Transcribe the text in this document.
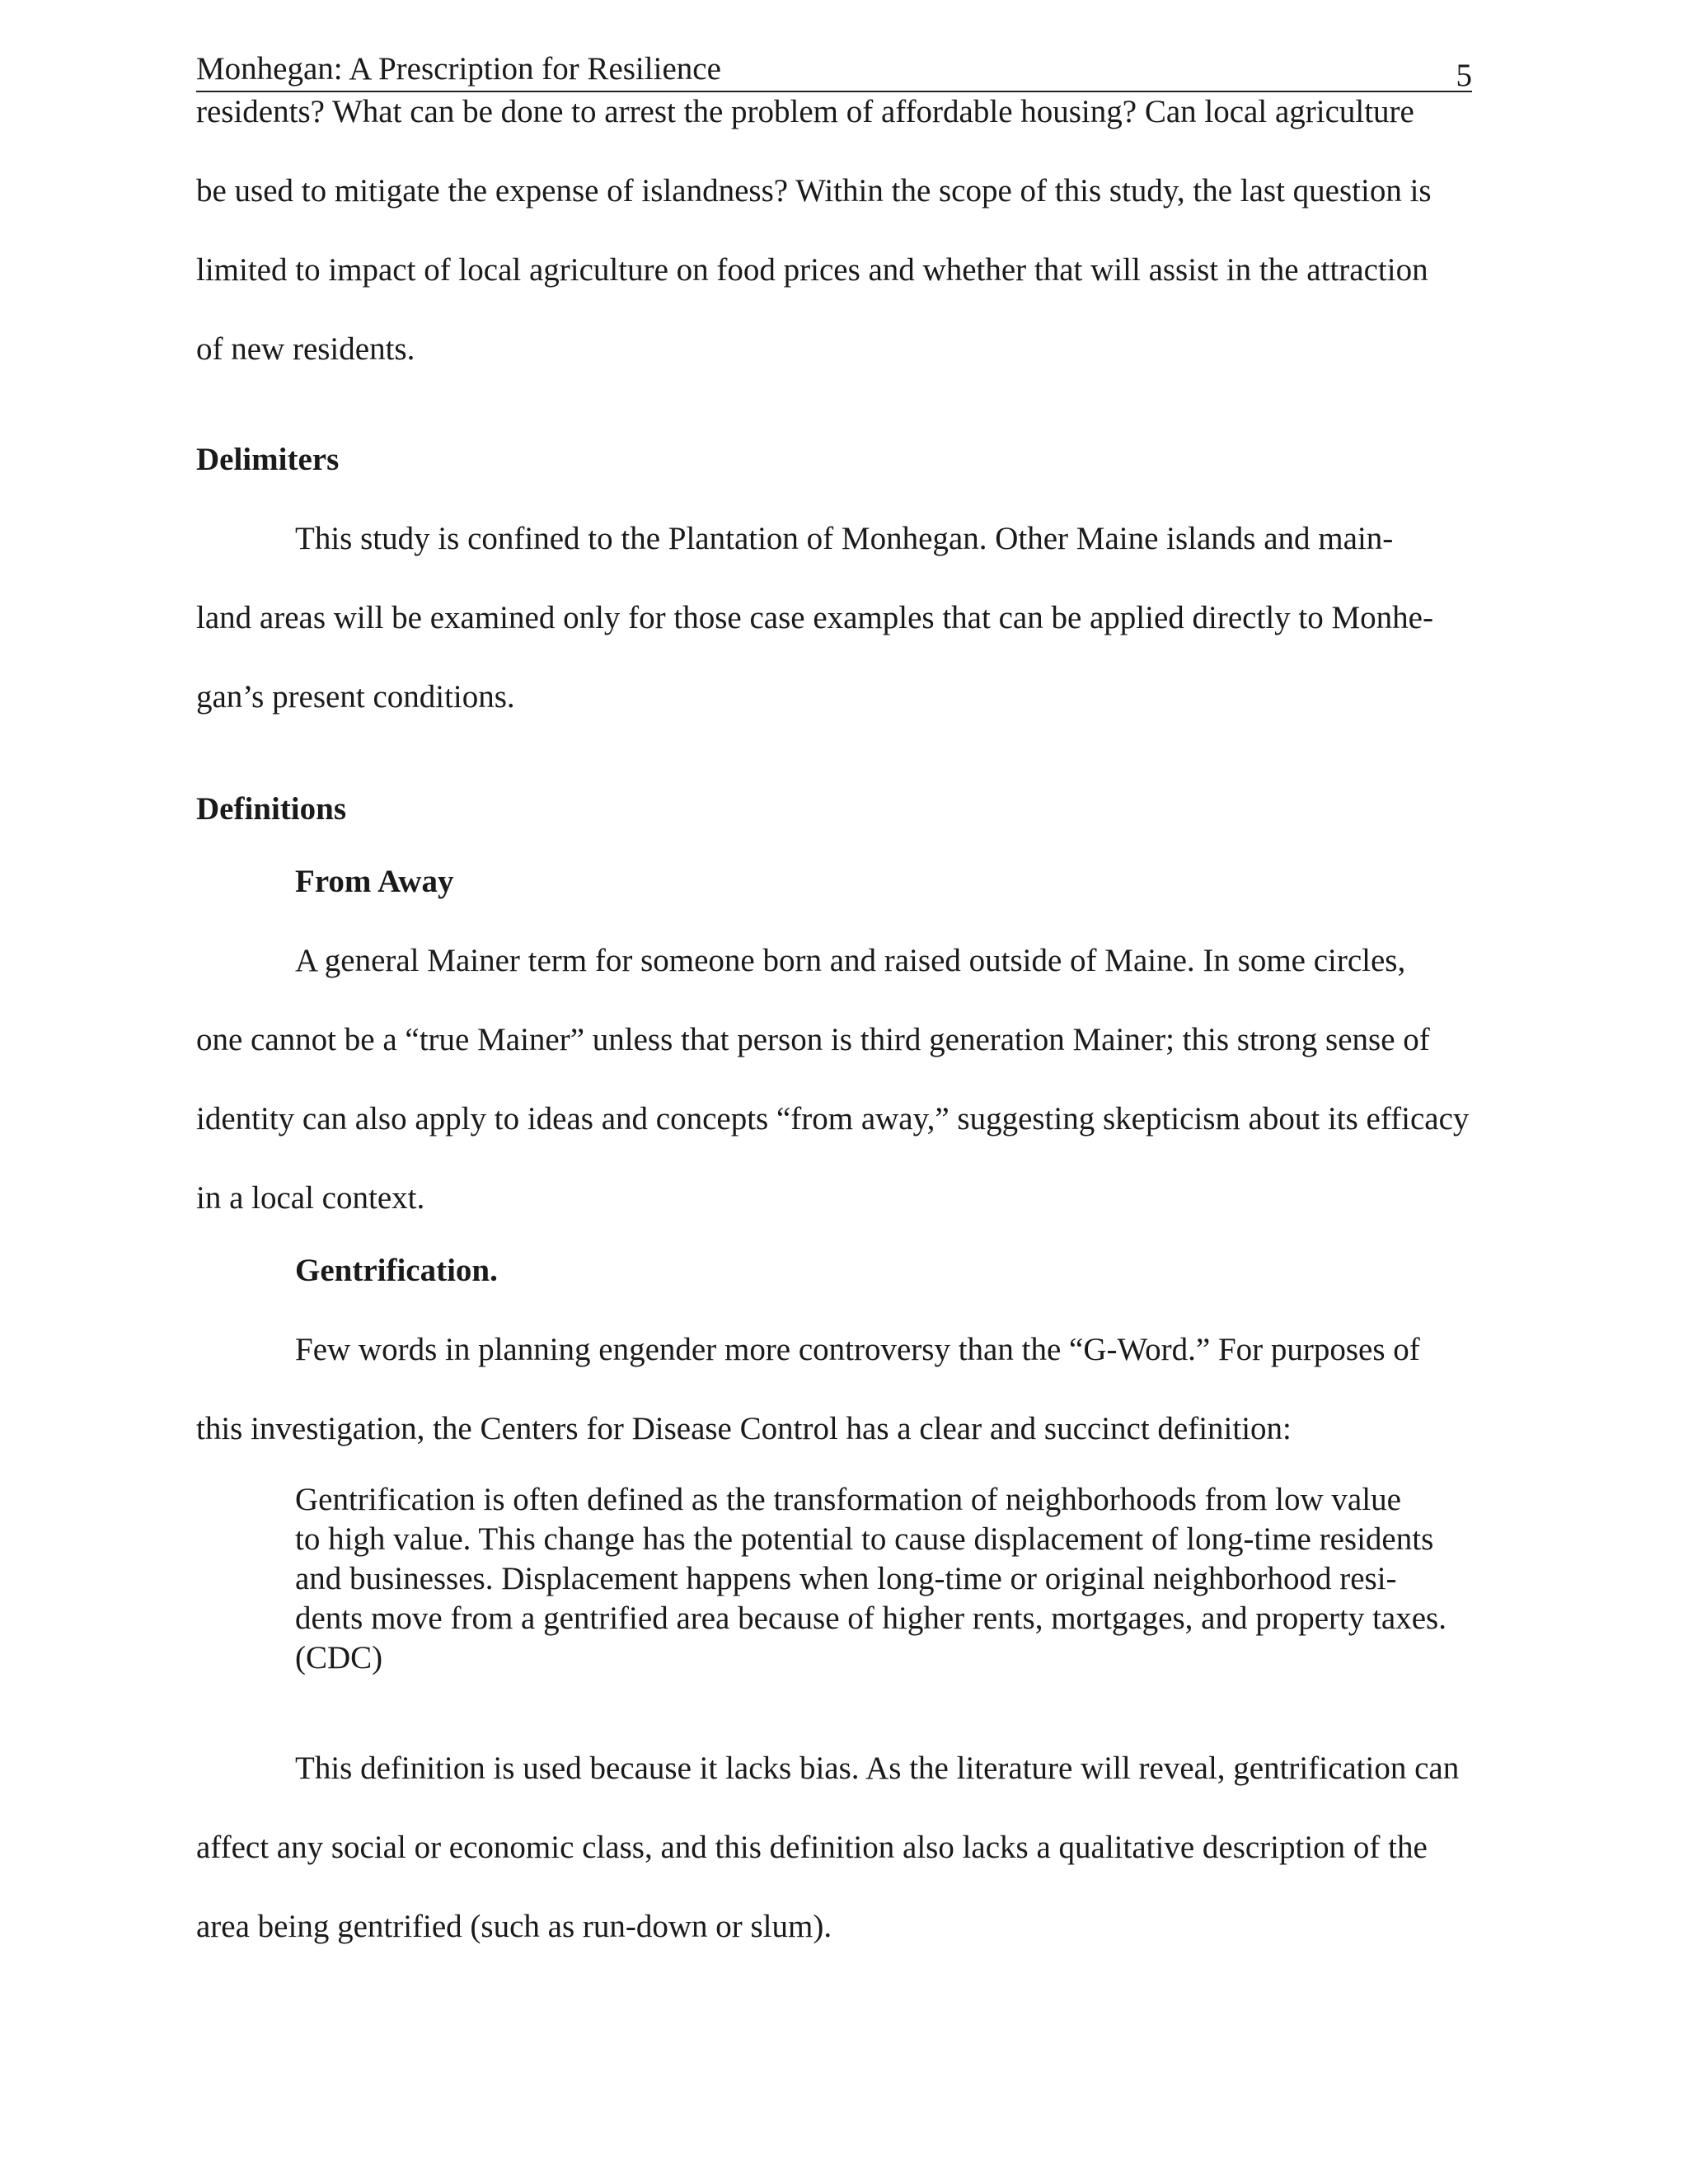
Monhegan: A Prescription for Resilience	5
residents? What can be done to arrest the problem of affordable housing? Can local agriculture
be used to mitigate the expense of islandness? Within the scope of this study, the last question is
limited to impact of local agriculture on food prices and whether that will assist in the attraction
of new residents.
Delimiters
This study is confined to the Plantation of Monhegan. Other Maine islands and main-
land areas will be examined only for those case examples that can be applied directly to Monhe-
gan’s present conditions.
Definitions
From Away
A general Mainer term for someone born and raised outside of Maine. In some circles,
one cannot be a “true Mainer” unless that person is third generation Mainer; this strong sense of
identity can also apply to ideas and concepts “from away,” suggesting skepticism about its efficacy
in a local context.
Gentrification.
Few words in planning engender more controversy than the “G-Word.” For purposes of
this investigation, the Centers for Disease Control has a clear and succinct definition:
Gentrification is often defined as the transformation of neighborhoods from low value
to high value. This change has the potential to cause displacement of long-time residents
and businesses. Displacement happens when long-time or original neighborhood resi-
dents move from a gentrified area because of higher rents, mortgages, and property taxes.
(CDC)
This definition is used because it lacks bias. As the literature will reveal, gentrification can
affect any social or economic class, and this definition also lacks a qualitative description of the
area being gentrified (such as run-down or slum).
